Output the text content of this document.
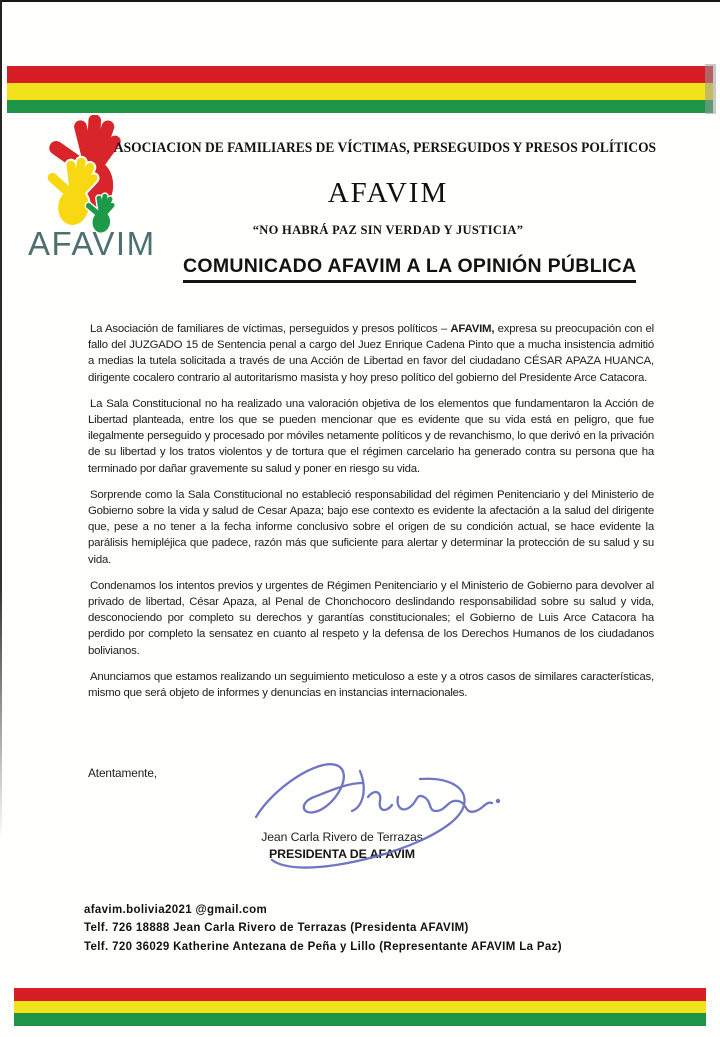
AFAVIM
ASOCIACION DE FAMILIARES DE VÍCTIMAS, PERSEGUIDOS Y PRESOS POLÍTICOS
AFAVIM
“NO HABRÁ PAZ SIN VERDAD Y JUSTICIA”
COMUNICADO AFAVIM A LA OPINIÓN PÚBLICA

La Asociación de familiares de víctimas, perseguidos y presos políticos – AFAVIM, expresa su preocupación con el fallo del JUZGADO 15 de Sentencia penal a cargo del Juez Enrique Cadena Pinto que a mucha insistencia admitió a medias la tutela solicitada a través de una Acción de Libertad en favor del ciudadano CÉSAR APAZA HUANCA, dirigente cocalero contrario al autoritarismo masista y hoy preso político del gobierno del Presidente Arce Catacora.

La Sala Constitucional no ha realizado una valoración objetiva de los elementos que fundamentaron la Acción de Libertad planteada, entre los que se pueden mencionar que es evidente que su vida está en peligro, que fue ilegalmente perseguido y procesado por móviles netamente políticos y de revanchismo, lo que derivó en la privación de su libertad y los tratos violentos y de tortura que el régimen carcelario ha generado contra su persona que ha terminado por dañar gravemente su salud y poner en riesgo su vida.

Sorprende como la Sala Constitucional no estableció responsabilidad del régimen Penitenciario y del Ministerio de Gobierno sobre la vida y salud de Cesar Apaza; bajo ese contexto es evidente la afectación a la salud del dirigente que, pese a no tener a la fecha informe conclusivo sobre el origen de su condición actual, se hace evidente la parálisis hemipléjica que padece, razón más que suficiente para alertar y determinar la protección de su salud y su vida.

Condenamos los intentos previos y urgentes de Régimen Penitenciario y el Ministerio de Gobierno para devolver al privado de libertad, César Apaza, al Penal de Chonchocoro deslindando responsabilidad sobre su salud y vida, desconociendo por completo su derechos y garantías constitucionales; el Gobierno de Luis Arce Catacora ha perdido por completo la sensatez en cuanto al respeto y la defensa de los Derechos Humanos de los ciudadanos bolivianos.

Anunciamos que estamos realizando un seguimiento meticuloso a este y a otros casos de similares características, mismo que será objeto de informes y denuncias en instancias internacionales.

Atentamente,
Jean Carla Rivero de Terrazas
PRESIDENTA DE AFAVIM
afavim.bolivia2021 @gmail.com
Telf. 726 18888 Jean Carla Rivero de Terrazas (Presidenta AFAVIM)
Telf. 720 36029 Katherine Antezana de Peña y Lillo (Representante AFAVIM La Paz)
